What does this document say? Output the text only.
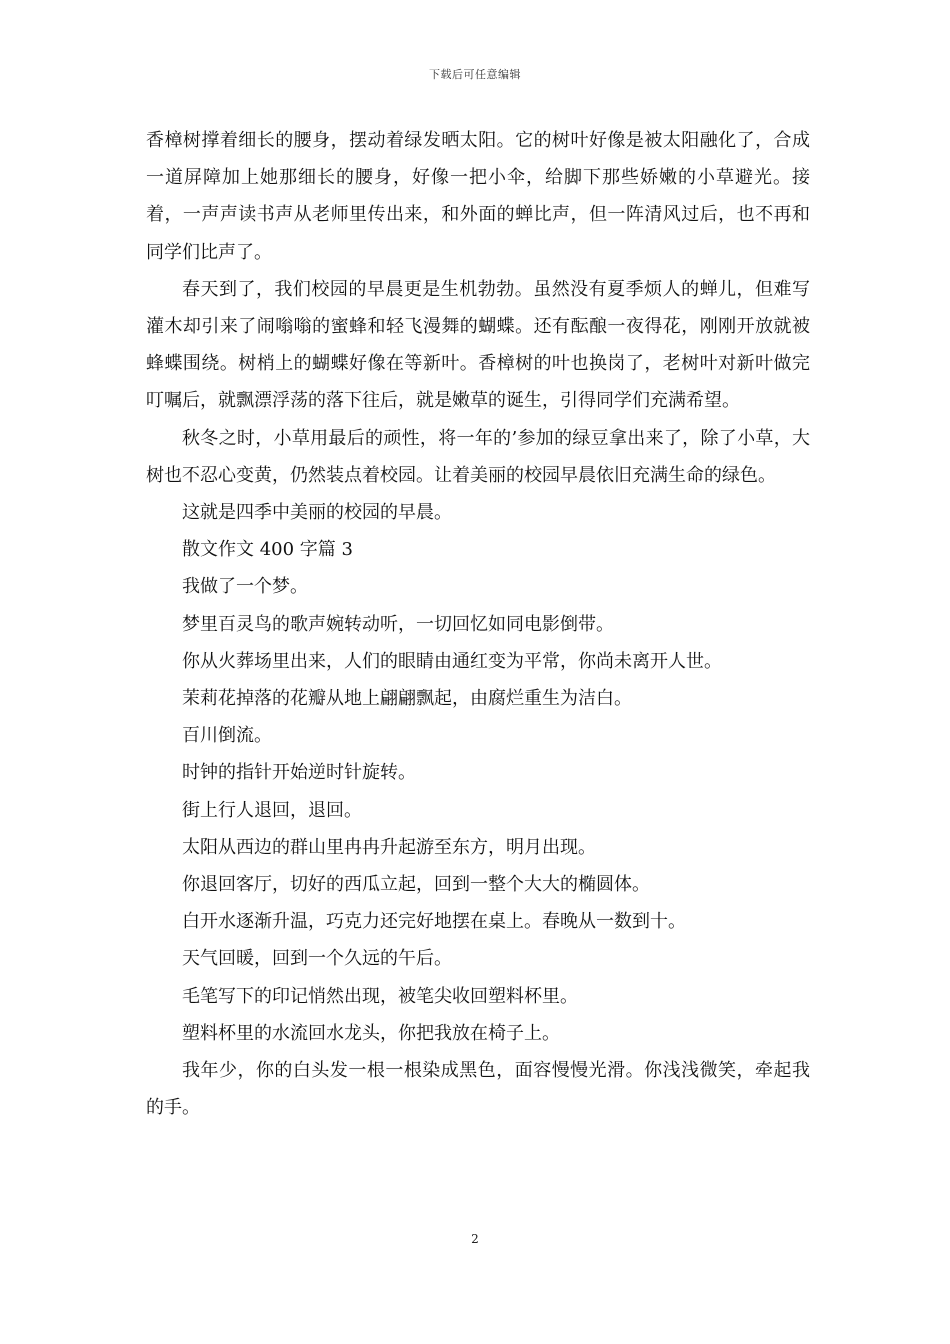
下载后可任意编辑

香樟树撑着细长的腰身，摆动着绿发晒太阳。它的树叶好像是被太阳融化了，合成一道屏障加上她那细长的腰身，好像一把小伞，给脚下那些娇嫩的小草避光。接着，一声声读书声从老师里传出来，和外面的蝉比声，但一阵清风过后，也不再和同学们比声了。

春天到了，我们校园的早晨更是生机勃勃。虽然没有夏季烦人的蝉儿，但难写灌木却引来了闹嗡嗡的蜜蜂和轻飞漫舞的蝴蝶。还有酝酿一夜得花，刚刚开放就被蜂蝶围绕。树梢上的蝴蝶好像在等新叶。香樟树的叶也换岗了，老树叶对新叶做完叮嘱后，就飘漂浮荡的落下往后，就是嫩草的诞生，引得同学们充满希望。

秋冬之时，小草用最后的顽性，将一年的’参加的绿豆拿出来了，除了小草，大树也不忍心变黄，仍然装点着校园。让着美丽的校园早晨依旧充满生命的绿色。

这就是四季中美丽的校园的早晨。

散文作文 400 字篇 3

我做了一个梦。

梦里百灵鸟的歌声婉转动听，一切回忆如同电影倒带。

你从火葬场里出来，人们的眼睛由通红变为平常，你尚未离开人世。

茉莉花掉落的花瓣从地上翩翩飘起，由腐烂重生为洁白。

百川倒流。

时钟的指针开始逆时针旋转。

街上行人退回，退回。

太阳从西边的群山里冉冉升起游至东方，明月出现。

你退回客厅，切好的西瓜立起，回到一整个大大的椭圆体。

白开水逐渐升温，巧克力还完好地摆在桌上。春晚从一数到十。

天气回暖，回到一个久远的午后。

毛笔写下的印记悄然出现，被笔尖收回塑料杯里。

塑料杯里的水流回水龙头，你把我放在椅子上。

我年少，你的白头发一根一根染成黑色，面容慢慢光滑。你浅浅微笑，牵起我的手。

2
